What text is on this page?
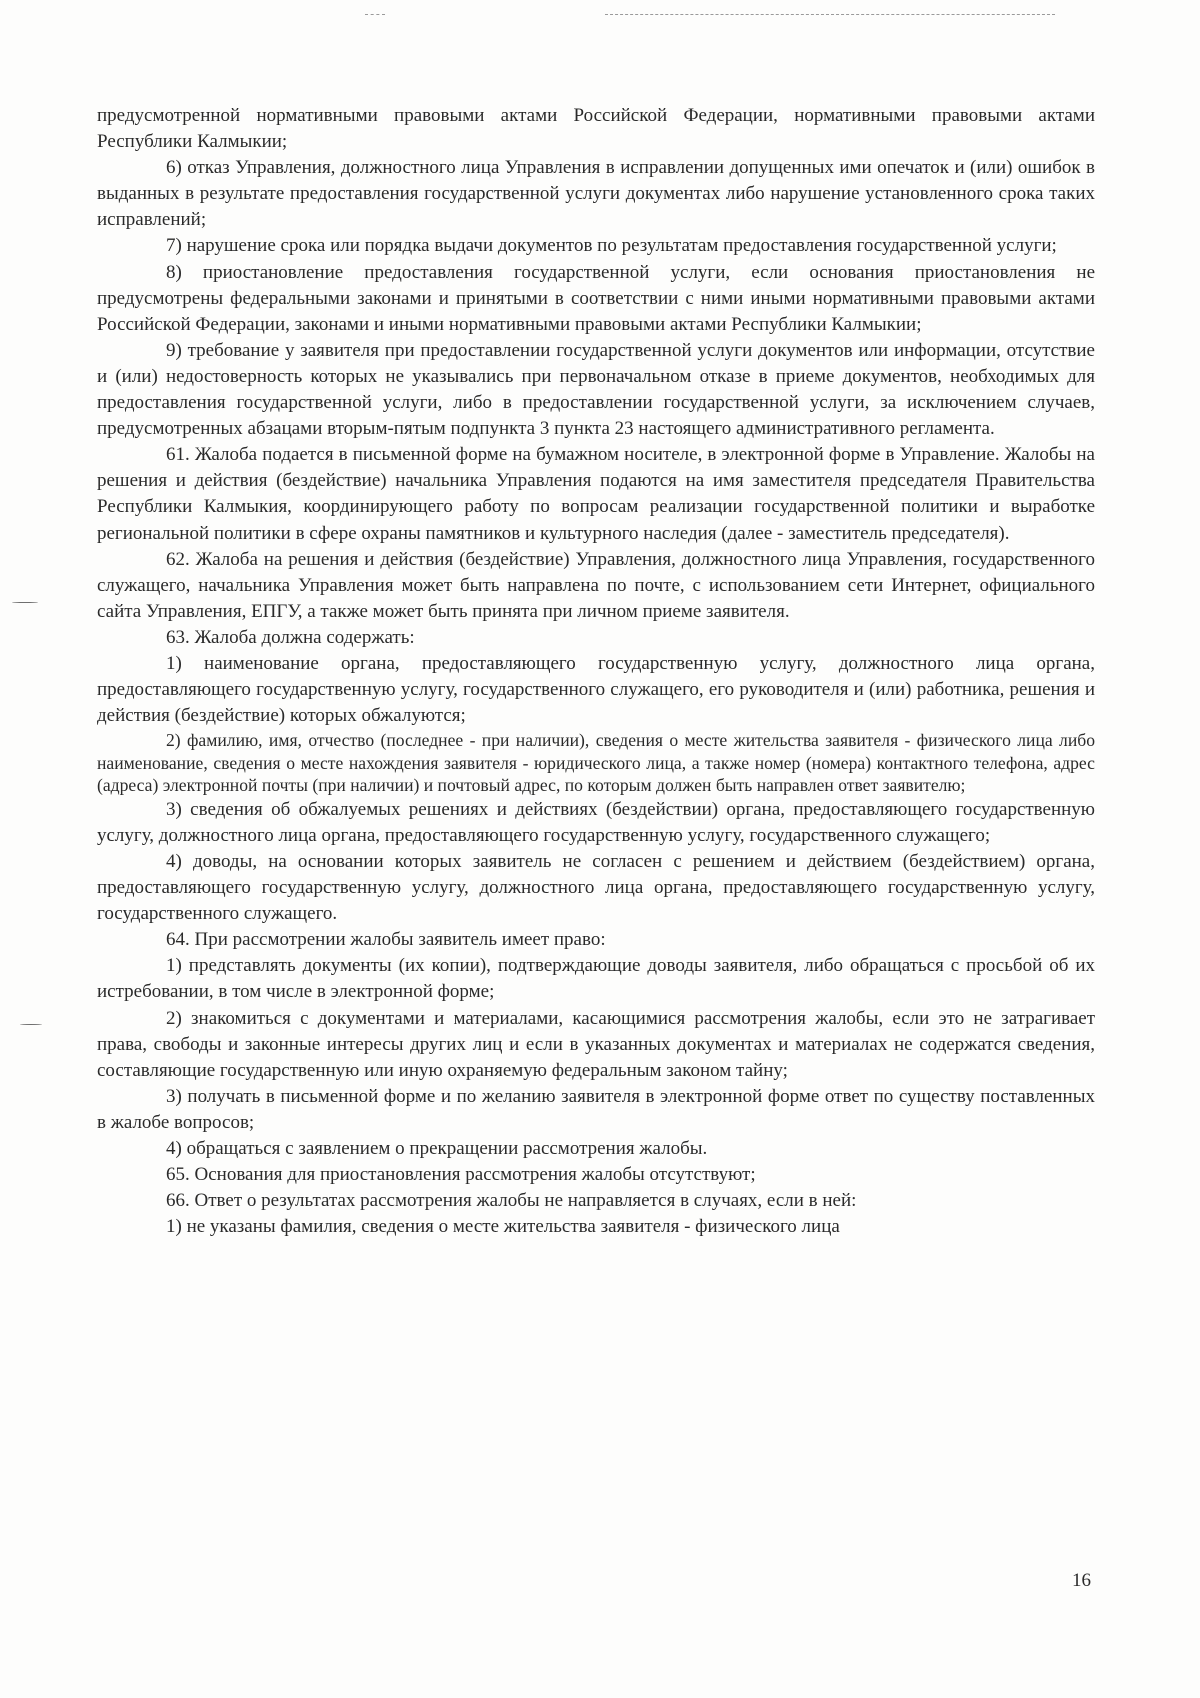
предусмотренной нормативными правовыми актами Российской Федерации, нормативными правовыми актами Республики Калмыкии;

6) отказ Управления, должностного лица Управления в исправлении допущенных ими опечаток и (или) ошибок в выданных в результате предоставления государственной услуги документах либо нарушение установленного срока таких исправлений;

7) нарушение срока или порядка выдачи документов по результатам предоставления государственной услуги;

8) приостановление предоставления государственной услуги, если основания приостановления не предусмотрены федеральными законами и принятыми в соответствии с ними иными нормативными правовыми актами Российской Федерации, законами и иными нормативными правовыми актами Республики Калмыкии;

9) требование у заявителя при предоставлении государственной услуги документов или информации, отсутствие и (или) недостоверность которых не указывались при первоначальном отказе в приеме документов, необходимых для предоставления государственной услуги, либо в предоставлении государственной услуги, за исключением случаев, предусмотренных абзацами вторым-пятым подпункта 3 пункта 23 настоящего административного регламента.

61. Жалоба подается в письменной форме на бумажном носителе, в электронной форме в Управление. Жалобы на решения и действия (бездействие) начальника Управления подаются на имя заместителя председателя Правительства Республики Калмыкия, координирующего работу по вопросам реализации государственной политики и выработке региональной политики в сфере охраны памятников и культурного наследия (далее - заместитель председателя).

62. Жалоба на решения и действия (бездействие) Управления, должностного лица Управления, государственного служащего, начальника Управления может быть направлена по почте, с использованием сети Интернет, официального сайта Управления, ЕПГУ, а также может быть принята при личном приеме заявителя.

63. Жалоба должна содержать:

1) наименование органа, предоставляющего государственную услугу, должностного лица органа, предоставляющего государственную услугу, государственного служащего, его руководителя и (или) работника, решения и действия (бездействие) которых обжалуются;

2) фамилию, имя, отчество (последнее - при наличии), сведения о месте жительства заявителя - физического лица либо наименование, сведения о месте нахождения заявителя - юридического лица, а также номер (номера) контактного телефона, адрес (адреса) электронной почты (при наличии) и почтовый адрес, по которым должен быть направлен ответ заявителю;

3) сведения об обжалуемых решениях и действиях (бездействии) органа, предоставляющего государственную услугу, должностного лица органа, предоставляющего государственную услугу, государственного служащего;

4) доводы, на основании которых заявитель не согласен с решением и действием (бездействием) органа, предоставляющего государственную услугу, должностного лица органа, предоставляющего государственную услугу, государственного служащего.

64. При рассмотрении жалобы заявитель имеет право:

1) представлять документы (их копии), подтверждающие доводы заявителя, либо обращаться с просьбой об их истребовании, в том числе в электронной форме;

2) знакомиться с документами и материалами, касающимися рассмотрения жалобы, если это не затрагивает права, свободы и законные интересы других лиц и если в указанных документах и материалах не содержатся сведения, составляющие государственную или иную охраняемую федеральным законом тайну;

3) получать в письменной форме и по желанию заявителя в электронной форме ответ по существу поставленных в жалобе вопросов;

4) обращаться с заявлением о прекращении рассмотрения жалобы.

65. Основания для приостановления рассмотрения жалобы отсутствуют;

66. Ответ о результатах рассмотрения жалобы не направляется в случаях, если в ней:

1) не указаны фамилия, сведения о месте жительства заявителя - физического лица

16
